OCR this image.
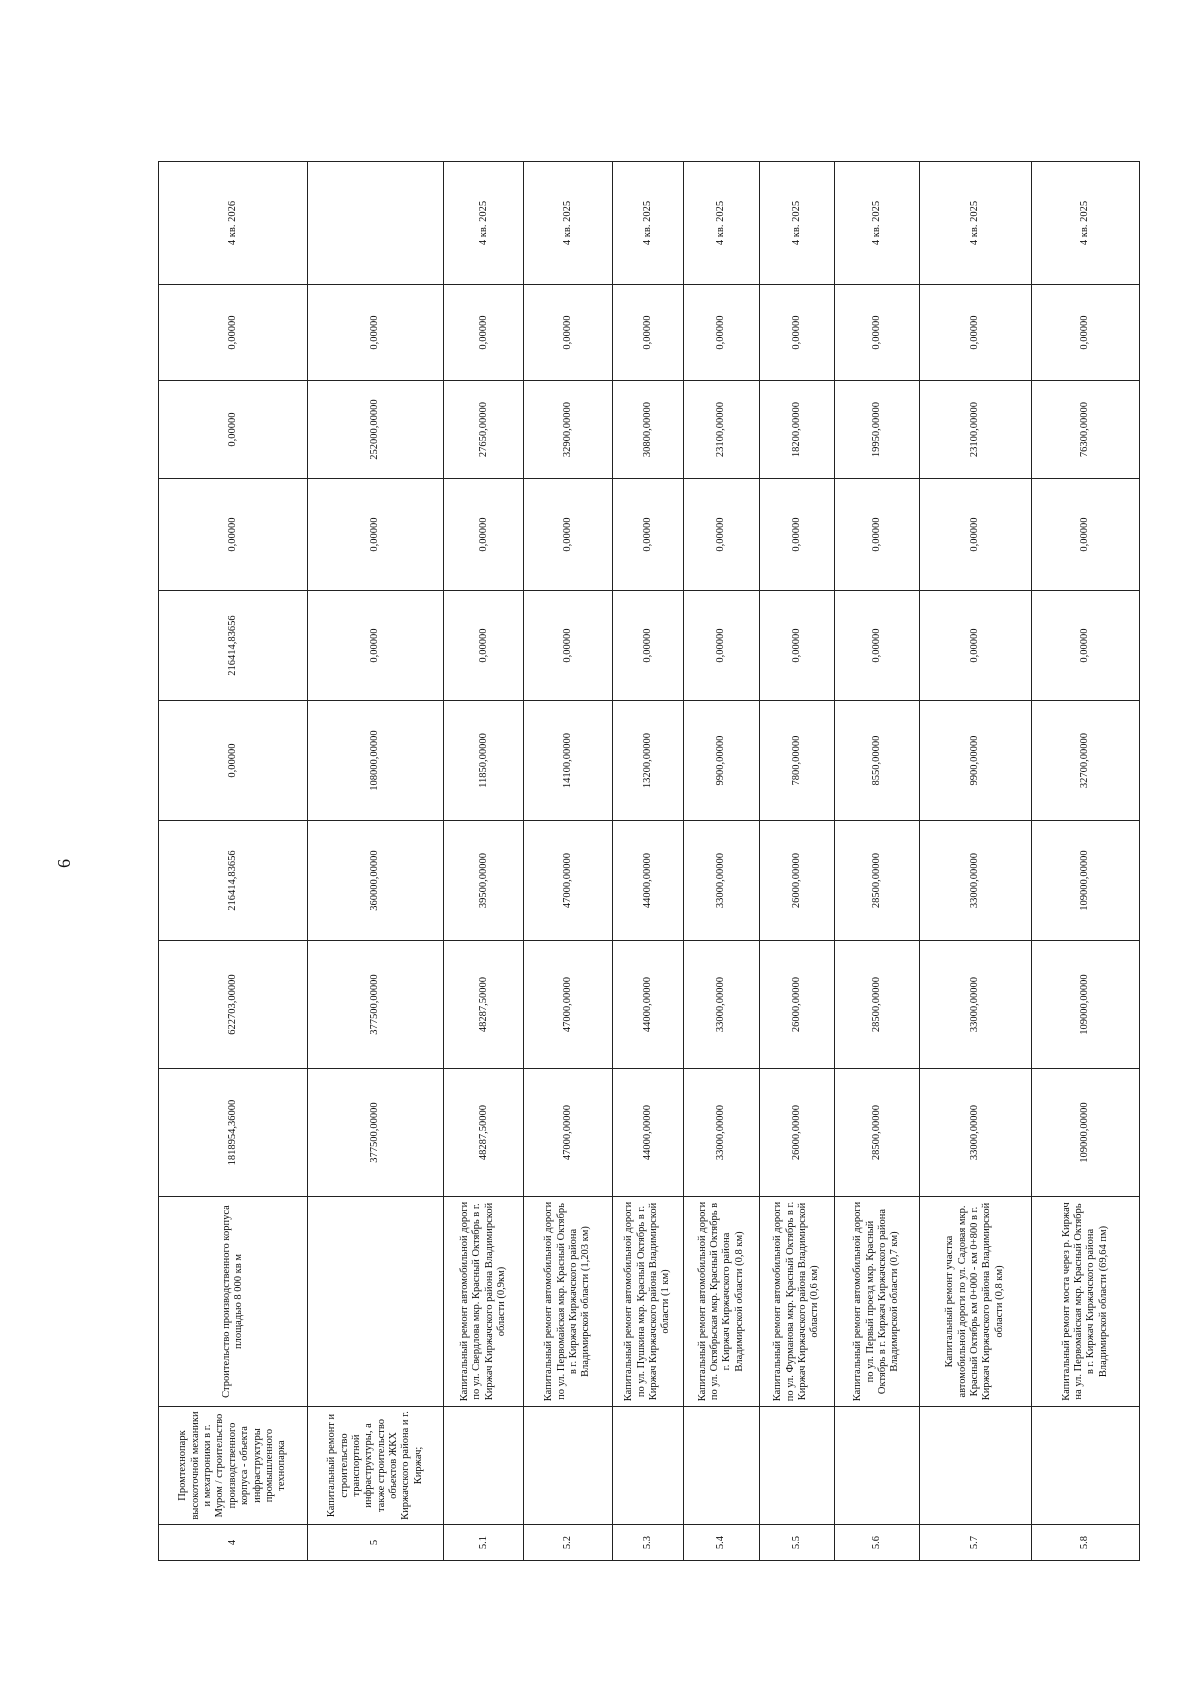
6
4	Промтехнопарк высокоточной механики и мехатроники в г. Муром / строительство производственного корпуса - объекта инфраструктуры промышленного технопарка	Строительство производственного корпуса площадью 8 000 кв м	1818954,36000	622703,00000	216414,83656	0,00000	216414,83656	0,00000	0,00000	0,00000	4 кв. 2026
5	Капитальный ремонт и строительство транспортной инфраструктуры, а также строительство объектов ЖКХ Киржачского района и г. Киржач;		377500,00000	377500,00000	360000,00000	108000,00000	0,00000	0,00000	252000,00000	0,00000	
5.1		Капитальный ремонт автомобильной дороги по ул. Свердлова мкр. Красный Октябрь в г. Киржач Киржачского района Владимирской области (0,9км)	48287,50000	48287,50000	39500,00000	11850,00000	0,00000	0,00000	27650,00000	0,00000	4 кв. 2025
5.2		Капитальный ремонт автомобильной дороги по ул. Первомайская мкр. Красный Октябрь в г. Киржач Киржачского района Владимирской области (1,203 км)	47000,00000	47000,00000	47000,00000	14100,00000	0,00000	0,00000	32900,00000	0,00000	4 кв. 2025
5.3		Капитальный ремонт автомобильной дороги по ул. Пушкина мкр. Красный Октябрь в г. Киржач Киржачского района Владимирской области (1 км)	44000,00000	44000,00000	44000,00000	13200,00000	0,00000	0,00000	30800,00000	0,00000	4 кв. 2025
5.4		Капитальный ремонт автомобильной дороги по ул. Октябрьская мкр. Красный Октябрь в г. Киржач Киржачского района Владимирской области (0,8 км)	33000,00000	33000,00000	33000,00000	9900,00000	0,00000	0,00000	23100,00000	0,00000	4 кв. 2025
5.5		Капитальный ремонт автомобильной дороги по ул. Фурманова мкр. Красный Октябрь в г. Киржач Киржачского района Владимирской области (0,6 км)	26000,00000	26000,00000	26000,00000	7800,00000	0,00000	0,00000	18200,00000	0,00000	4 кв. 2025
5.6		Капитальный ремонт автомобильной дороги по ул. Первый проезд мкр. Красный Октябрь в г. Киржач Киржачского района Владимирской области (0,7 км)	28500,00000	28500,00000	28500,00000	8550,00000	0,00000	0,00000	19950,00000	0,00000	4 кв. 2025
5.7		Капитальный ремонт участка автомобильной дороги по ул. Садовая мкр. Красный Октябрь км 0+000 - км 0+800 в г. Киржач Киржачского района Владимирской области (0,8 км)	33000,00000	33000,00000	33000,00000	9900,00000	0,00000	0,00000	23100,00000	0,00000	4 кв. 2025
5.8		Капитальный ремонт моста через р. Киржач на ул. Первомайская мкр. Красный Октябрь в г. Киржач Киржачского района Владимирской области (69,64 пм)	109000,00000	109000,00000	109000,00000	32700,00000	0,00000	0,00000	76300,00000	0,00000	4 кв. 2025
